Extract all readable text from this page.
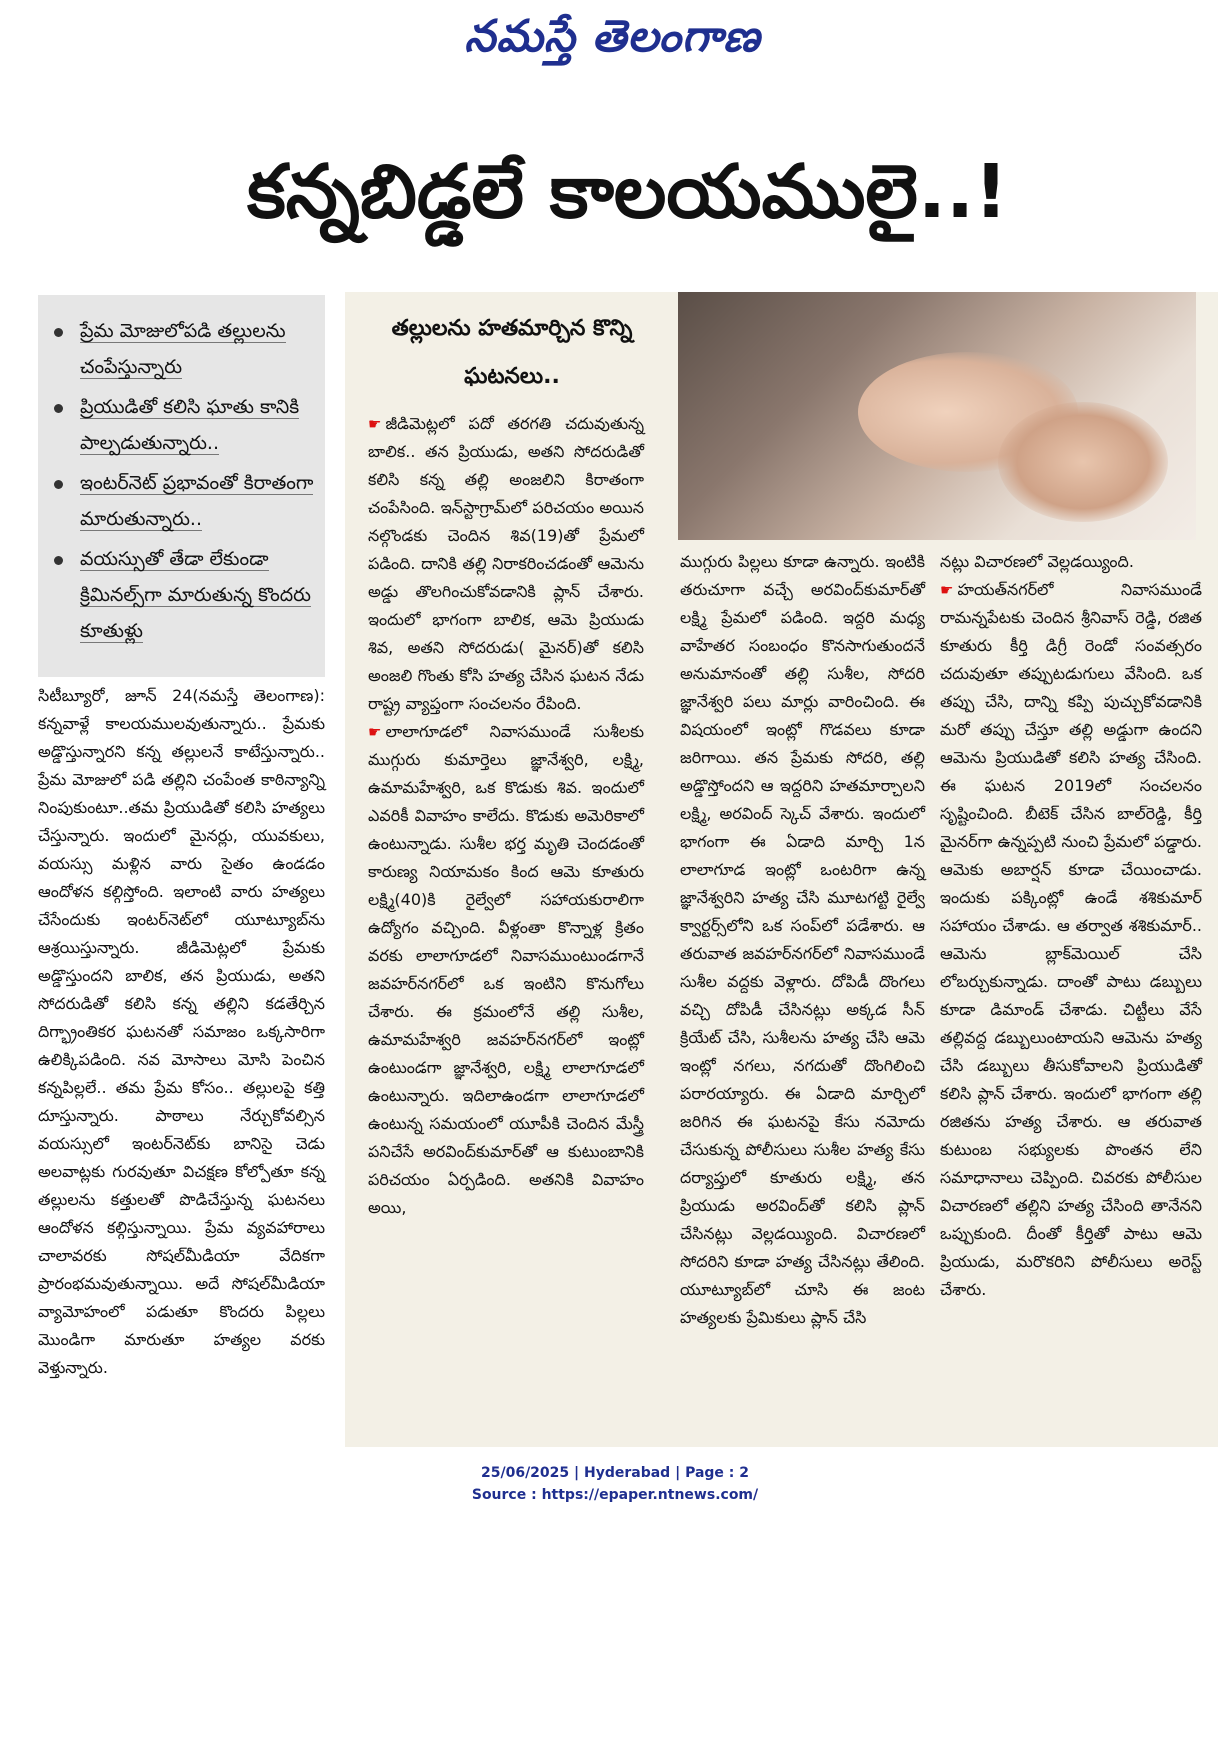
నమస్తే తెలంగాణ
కన్నబిడ్డలే కాలయములై..!
ప్రేమ మోజులోపడి తల్లులను చంపేస్తున్నారు
ప్రియుడితో కలిసి ఘాతు కానికి పాల్పడుతున్నారు..
ఇంటర్‌నెట్ ప్రభావంతో కిరాతంగా మారుతున్నారు..
వయస్సుతో తేడా లేకుండా క్రిమినల్స్‌గా మారుతున్న కొందరు కూతుళ్లు
సిటీబ్యూరో, జూన్ 24(నమస్తే తెలంగాణ): కన్నవాళ్లే కాలయములవుతున్నారు.. ప్రేమకు అడ్డొస్తున్నారని కన్న తల్లులనే కాటేస్తున్నారు.. ప్రేమ మోజులో పడి తల్లిని చంపేంత కాఠిన్యాన్ని నింపుకుంటూ..తమ ప్రియుడితో కలిసి హత్యలు చేస్తున్నారు. ఇందులో మైనర్లు, యువకులు, వయస్సు మళ్లిన వారు సైతం ఉండడం ఆందోళన కల్గిస్తోంది. ఇలాంటి వారు హత్యలు చేసేందుకు ఇంటర్‌నెట్‌లో యూట్యూబ్‌ను ఆశ్రయిస్తున్నారు. జీడిమెట్లలో ప్రేమకు అడ్డొస్తుందని బాలిక, తన ప్రియుడు, అతని సోదరుడితో కలిసి కన్న తల్లిని కడతేర్చిన దిగ్భ్రాంతికర ఘటనతో సమాజం ఒక్కసారిగా ఉలిక్కిపడింది. నవ మోసాలు మోసి పెంచిన కన్నపిల్లలే.. తమ ప్రేమ కోసం.. తల్లులపై కత్తి దూస్తున్నారు. పాఠాలు నేర్చుకోవల్సిన వయస్సులో ఇంటర్‌నెట్‌కు బానిసై చెడు అలవాట్లకు గురవుతూ విచక్షణ కోల్పోతూ కన్న తల్లులను కత్తులతో పొడిచేస్తున్న ఘటనలు ఆందోళన కల్గిస్తున్నాయి. ప్రేమ వ్యవహారాలు చాలావరకు సోషల్‌మీడియా వేదికగా ప్రారంభమవుతున్నాయి. అదే సోషల్‌మీడియా వ్యామోహంలో పడుతూ కొందరు పిల్లలు మొండిగా మారుతూ హత్యల వరకు వెళ్తున్నారు.
తల్లులను హతమార్చిన కొన్ని ఘటనలు..

☛ జీడిమెట్లలో పదో తరగతి చదువుతున్న బాలిక.. తన ప్రియుడు, అతని సోదరుడితో కలిసి కన్న తల్లి అంజలిని కిరాతంగా చంపేసింది. ఇన్‌స్టాగ్రామ్‌లో పరిచయం అయిన నల్గొండకు చెందిన శివ(19)తో ప్రేమలో పడింది. దానికి తల్లి నిరాకరించడంతో ఆమెను అడ్డు తొలగించుకోవడానికి ప్లాన్ చేశారు. ఇందులో భాగంగా బాలిక, ఆమె ప్రియుడు శివ, అతని సోదరుడు( మైనర్)తో కలిసి అంజలి గొంతు కోసి హత్య చేసిన ఘటన నేడు రాష్ట్ర వ్యాప్తంగా సంచలనం రేపింది.

☛ లాలాగూడలో నివాసముండే సుశీలకు ముగ్గురు కుమార్తెలు జ్ఞానేశ్వరి, లక్ష్మి, ఉమామహేశ్వరి, ఒక కొడుకు శివ. ఇందులో ఎవరికీ వివాహం కాలేదు. కొడుకు అమెరికాలో ఉంటున్నాడు. సుశీల భర్త మృతి చెందడంతో కారుణ్య నియామకం కింద ఆమె కూతురు లక్ష్మి(40)కి రైల్వేలో సహాయకురాలిగా ఉద్యోగం వచ్చింది. వీళ్లంతా కొన్నాళ్ల క్రితం వరకు లాలాగూడలో నివాసముంటుండగానే జవహర్‌నగర్‌లో ఒక ఇంటిని కొనుగోలు చేశారు. ఈ క్రమంలోనే తల్లి సుశీల, ఉమామహేశ్వరి జవహర్‌నగర్‌లో ఇంట్లో ఉంటుండగా జ్ఞానేశ్వరి, లక్ష్మి లాలాగూడలో ఉంటున్నారు. ఇదిలాఉండగా లాలాగూడలో ఉంటున్న సమయంలో యూపీకి చెందిన మేస్త్రీ పనిచేసే అరవింద్‌కుమార్‌తో ఆ కుటుంబానికి పరిచయం ఏర్పడింది. అతనికి వివాహం అయి,

ముగ్గురు పిల్లలు కూడా ఉన్నారు. ఇంటికి తరుచూగా వచ్చే అరవింద్‌కుమార్‌తో లక్ష్మి ప్రేమలో పడింది. ఇద్దరి మధ్య వాహేతర సంబంధం కొనసాగుతుందనే అనుమానంతో తల్లి సుశీల, సోదరి జ్ఞానేశ్వరి పలు మార్లు వారించింది. ఈ విషయంలో ఇంట్లో గొడవలు కూడా జరిగాయి. తన ప్రేమకు సోదరి, తల్లి అడ్డొస్తోందని ఆ ఇద్దరిని హతమార్చాలని లక్ష్మి, అరవింద్ స్కెచ్ వేశారు. ఇందులో భాగంగా ఈ ఏడాది మార్చి 1న లాలాగూడ ఇంట్లో ఒంటరిగా ఉన్న జ్ఞానేశ్వరిని హత్య చేసి మూటగట్టి రైల్వే క్వార్టర్స్‌లోని ఒక సంప్‌లో పడేశారు. ఆ తరువాత జవహర్‌నగర్‌లో నివాసముండే సుశీల వద్దకు వెళ్లారు. దోపిడీ దొంగలు వచ్చి దోపిడీ చేసినట్లు అక్కడ సీన్ క్రియేట్ చేసి, సుశీలను హత్య చేసి ఆమె ఇంట్లో నగలు, నగదుతో దొంగిలించి పరారయ్యారు. ఈ ఏడాది మార్చిలో జరిగిన ఈ ఘటనపై కేసు నమోదు చేసుకున్న పోలీసులు సుశీల హత్య కేసు దర్యాప్తులో కూతురు లక్ష్మి, తన ప్రియుడు అరవింద్‌తో కలిసి ప్లాన్ చేసినట్లు వెల్లడయ్యింది. విచారణలో సోదరిని కూడా హత్య చేసినట్లు తేలింది. యూట్యూబ్‌లో చూసి ఈ జంట హత్యలకు ప్రేమికులు ప్లాన్ చేసి

నట్లు విచారణలో వెల్లడయ్యింది.

☛ హయత్‌నగర్‌లో నివాసముండే రామన్నపేటకు చెందిన శ్రీనివాస్ రెడ్డి, రజిత కూతురు కీర్తి డిగ్రీ రెండో సంవత్సరం చదువుతూ తప్పుటడుగులు వేసింది. ఒక తప్పు చేసి, దాన్ని కప్పి పుచ్చుకోవడానికి మరో తప్పు చేస్తూ తల్లి అడ్డుగా ఉందని ఆమెను ప్రియుడితో కలిసి హత్య చేసింది. ఈ ఘటన 2019లో సంచలనం సృష్టించింది. బీటెక్ చేసిన బాల్‌రెడ్డి, కీర్తి మైనర్‌గా ఉన్నప్పటి నుంచి ప్రేమలో పడ్డారు. ఆమెకు అబార్షన్ కూడా చేయించాడు. ఇందుకు పక్కింట్లో ఉండే శశికుమార్ సహాయం చేశాడు. ఆ తర్వాత శశికుమార్.. ఆమెను బ్లాక్‌మెయిల్ చేసి లోబర్చుకున్నాడు. దాంతో పాటు డబ్బులు కూడా డిమాండ్ చేశాడు. చిట్టీలు వేసే తల్లివద్ద డబ్బులుంటాయని ఆమెను హత్య చేసి డబ్బులు తీసుకోవాలని ప్రియుడితో కలిసి ప్లాన్ చేశారు. ఇందులో భాగంగా తల్లి రజితను హత్య చేశారు. ఆ తరువాత కుటుంబ సభ్యులకు పొంతన లేని సమాధానాలు చెప్పింది. చివరకు పోలీసుల విచారణలో తల్లిని హత్య చేసింది తానేనని ఒప్పుకుంది. దీంతో కీర్తితో పాటు ఆమె ప్రియుడు, మరొకరిని పోలీసులు అరెస్ట్ చేశారు.

25/06/2025 | Hyderabad | Page : 2
Source : https://epaper.ntnews.com/
